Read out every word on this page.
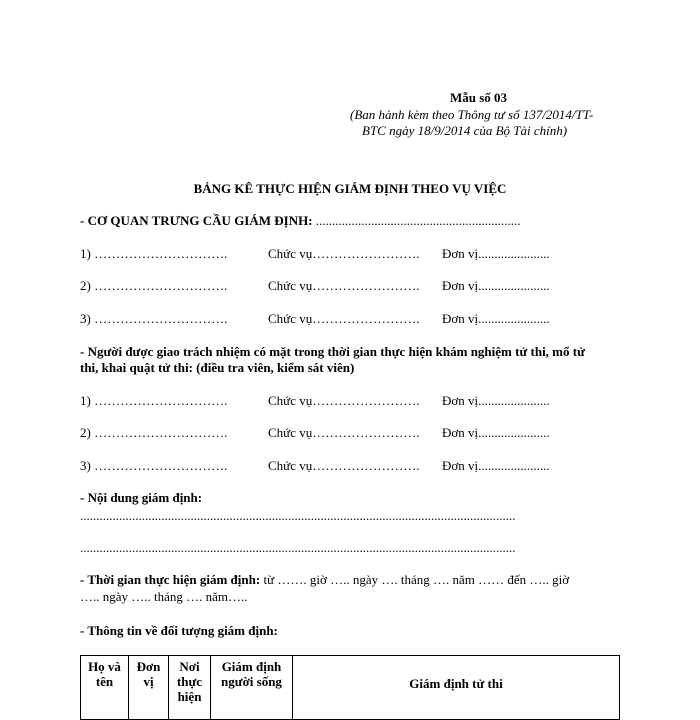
Mẫu số 03
(Ban hành kèm theo Thông tư số 137/2014/TT-
BTC ngày 18/9/2014 của Bộ Tài chính)
BẢNG KÊ THỰC HIỆN GIÁM ĐỊNH THEO VỤ VIỆC
- CƠ QUAN TRƯNG CẦU GIÁM ĐỊNH: ...............................................................
1) ………………………….	Chức vụ……………………. Đơn vị......................
2) ………………………….	Chức vụ……………………. Đơn vị......................
3) ………………………….	Chức vụ……………………. Đơn vị......................
- Người được giao trách nhiệm có mặt trong thời gian thực hiện khám nghiệm tử thi, mổ tử
thi, khai quật tử thi: (điều tra viên, kiểm sát viên)
1) ………………………….	Chức vụ……………………. Đơn vị......................
2) ………………………….	Chức vụ……………………. Đơn vị......................
3) ………………………….	Chức vụ……………………. Đơn vị......................
- Nội dung giám định:
......................................................................................................................................
......................................................................................................................................
- Thời gian thực hiện giám định: từ ……. giờ ….. ngày …. tháng …. năm …… đến ….. giờ
….. ngày ….. tháng …. năm…..
- Thông tin về đối tượng giám định:
Họ và tên	Đơn vị	Nơi thực hiện	Giám định người sống	Giám định tử thi
